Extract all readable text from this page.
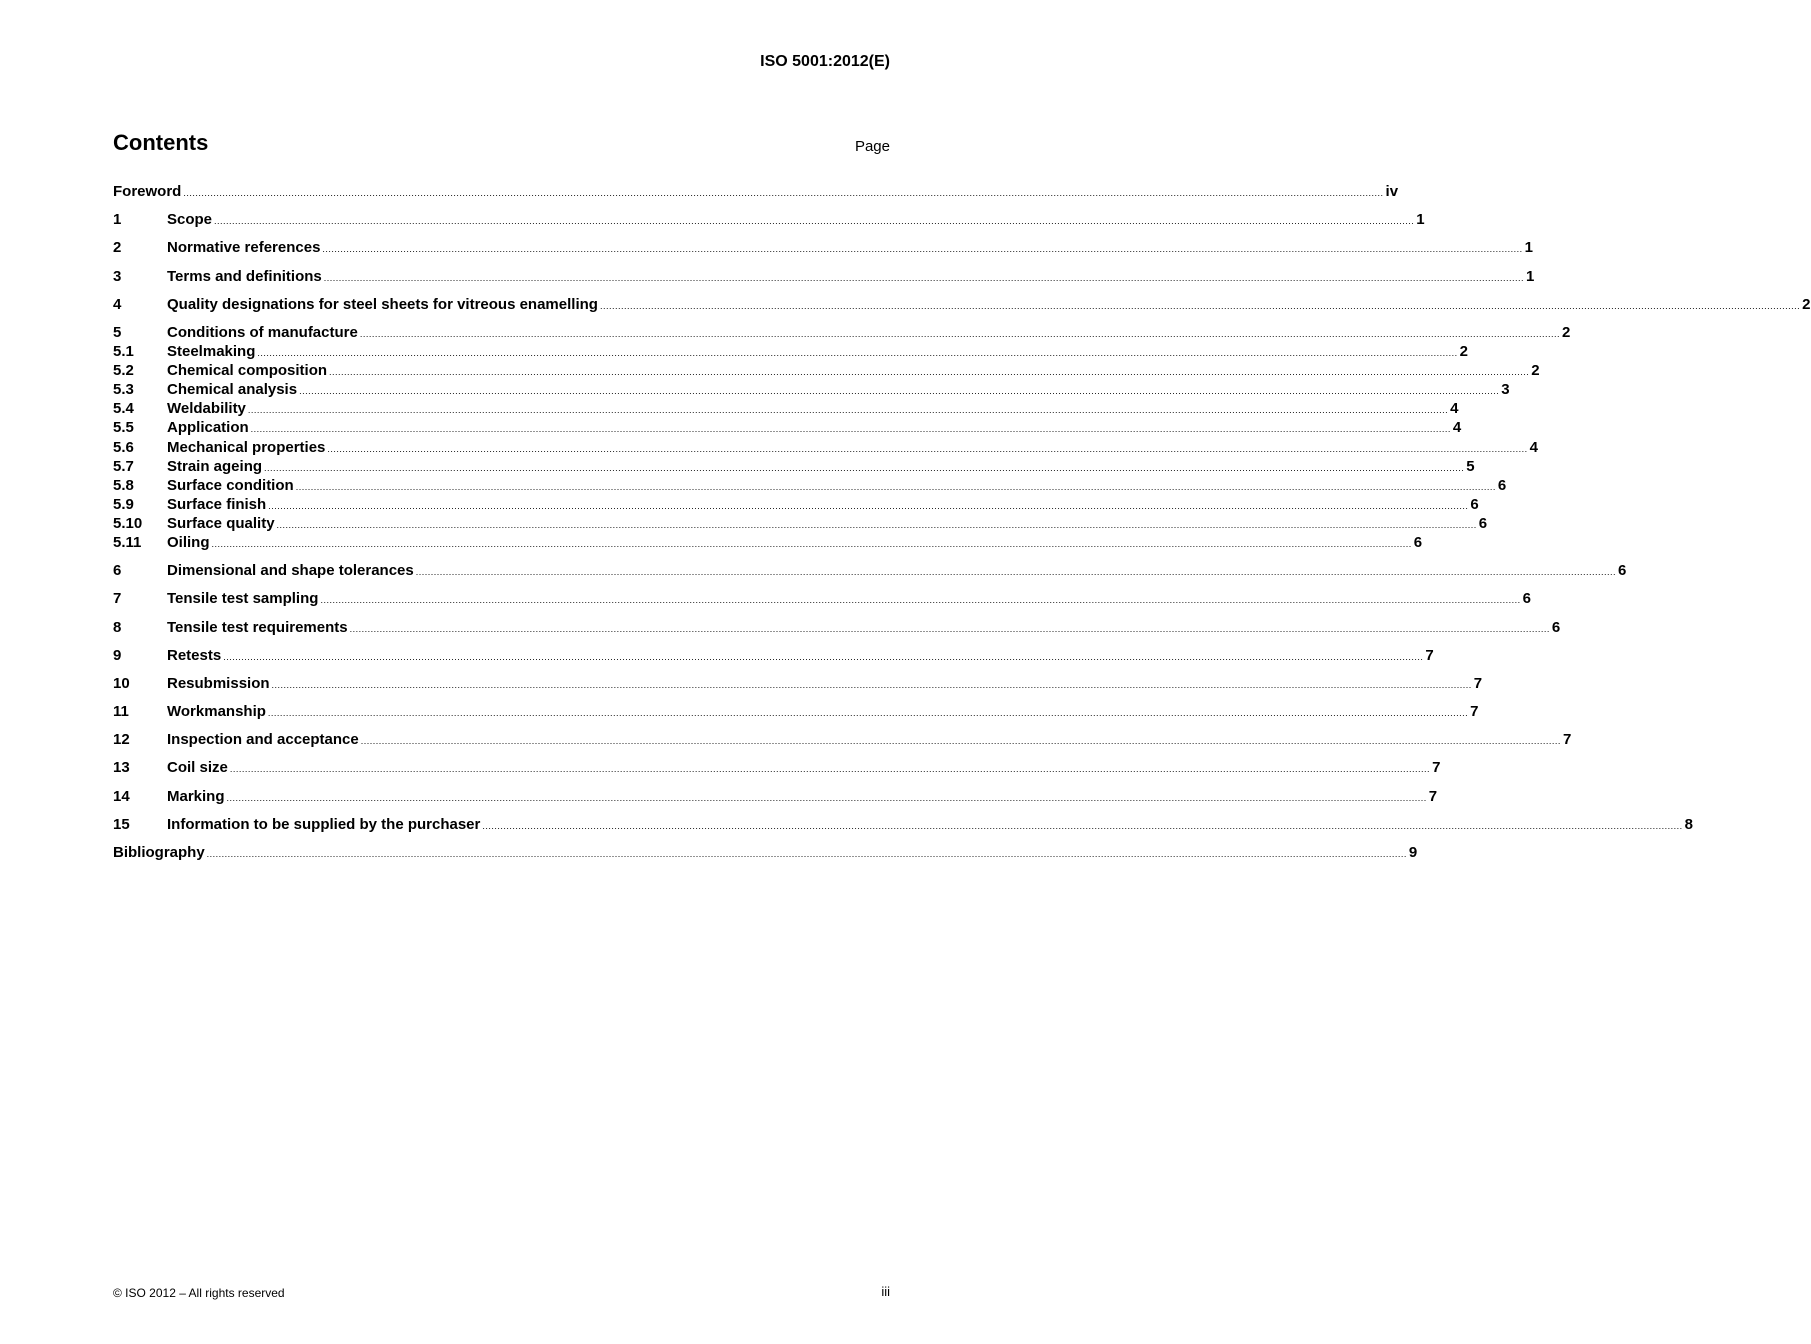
ISO 5001:2012(E)
Contents	Page
Foreword ................................................................................................................................................................................................................................................................................................................................................................................................................ iv
1	Scope ................................................................................................................................................................................................................................................................................................................................................................................................................ 1
2	Normative references ................................................................................................................................................................................................................................................................................................................................................................................................................ 1
3	Terms and definitions ................................................................................................................................................................................................................................................................................................................................................................................................................ 1
4	Quality designations for steel sheets for vitreous enamelling ................................................................................................................................................................................................................................................................................................................................................................................................................ 2
5	Conditions of manufacture ................................................................................................................................................................................................................................................................................................................................................................................................................ 2
5.1	Steelmaking ................................................................................................................................................................................................................................................................................................................................................................................................................ 2
5.2	Chemical composition ................................................................................................................................................................................................................................................................................................................................................................................................................ 2
5.3	Chemical analysis ................................................................................................................................................................................................................................................................................................................................................................................................................ 3
5.4	Weldability ................................................................................................................................................................................................................................................................................................................................................................................................................ 4
5.5	Application ................................................................................................................................................................................................................................................................................................................................................................................................................ 4
5.6	Mechanical properties ................................................................................................................................................................................................................................................................................................................................................................................................................ 4
5.7	Strain ageing ................................................................................................................................................................................................................................................................................................................................................................................................................ 5
5.8	Surface condition ................................................................................................................................................................................................................................................................................................................................................................................................................ 6
5.9	Surface finish ................................................................................................................................................................................................................................................................................................................................................................................................................ 6
5.10	Surface quality ................................................................................................................................................................................................................................................................................................................................................................................................................ 6
5.11	Oiling ................................................................................................................................................................................................................................................................................................................................................................................................................ 6
6	Dimensional and shape tolerances ................................................................................................................................................................................................................................................................................................................................................................................................................ 6
7	Tensile test sampling ................................................................................................................................................................................................................................................................................................................................................................................................................ 6
8	Tensile test requirements ................................................................................................................................................................................................................................................................................................................................................................................................................ 6
9	Retests ................................................................................................................................................................................................................................................................................................................................................................................................................ 7
10	Resubmission ................................................................................................................................................................................................................................................................................................................................................................................................................ 7
11	Workmanship ................................................................................................................................................................................................................................................................................................................................................................................................................ 7
12	Inspection and acceptance ................................................................................................................................................................................................................................................................................................................................................................................................................ 7
13	Coil size ................................................................................................................................................................................................................................................................................................................................................................................................................ 7
14	Marking ................................................................................................................................................................................................................................................................................................................................................................................................................ 7
15	Information to be supplied by the purchaser ................................................................................................................................................................................................................................................................................................................................................................................................................ 8
Bibliography ................................................................................................................................................................................................................................................................................................................................................................................................................ 9
© ISO 2012 – All rights reserved	iii
